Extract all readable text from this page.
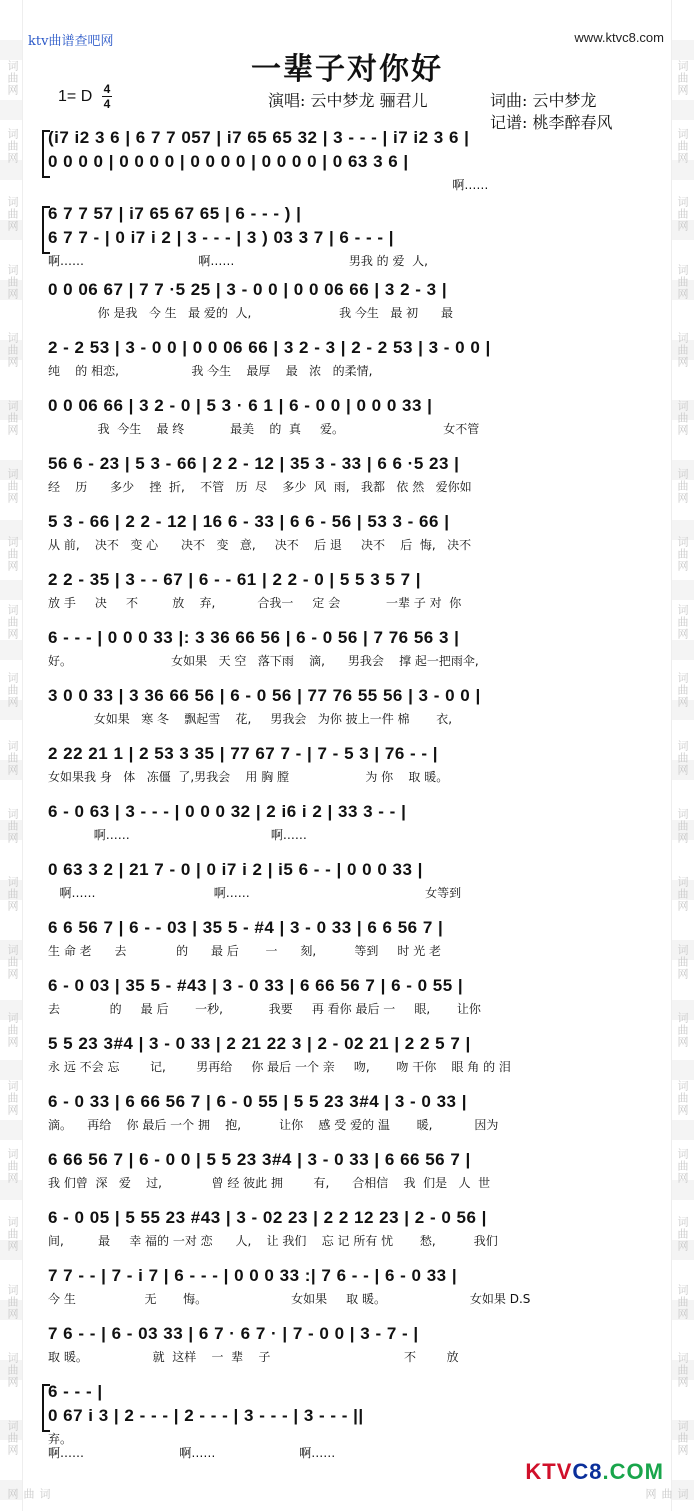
ktv曲谱查吧网	www.ktvc8.com
一辈子对你好
1= D 4
4	演唱: 云中梦龙 骊君儿	词曲: 云中梦龙
记谱: 桃李醉春风
(i7 i2 3 6 | 6 7 7 057 | i7 65 65 32 | 3 - - - | i7 i2 3 6 |
0 0 0 0 | 0 0 0 0 | 0 0 0 0 | 0 0 0 0 | 0 63 3 6 |
啊……
6 7 7 57 | i7 65 67 65 | 6 - - - ) |
6 7 7 - | 0 i7 i 2 | 3 - - - | 3 ) 03 3 7 | 6 - - - |
啊……                              啊……                              男我 的 爱  人,
0 0 06 67 | 7 7 ·5 25 | 3 - 0 0 | 0 0 06 66 | 3 2 - 3 |
你 是我   今 生   最 爱的  人,                       我 今生   最 初      最
2 - 2 53 | 3 - 0 0 | 0 0 06 66 | 3 2 - 3 | 2 - 2 53 | 3 - 0 0 |
纯    的 相恋,                   我 今生    最厚    最   浓   的柔情,
0 0 06 66 | 3 2 - 0 | 5 3 · 6 1 | 6 - 0 0 | 0 0 0 33 |
我  今生    最 终            最美    的  真     爱。                          女不管
56 6 - 23 | 5 3 - 66 | 2 2 - 12 | 35 3 - 33 | 6 6 ·5 23 |
经    历      多少    挫  折,    不管   历  尽    多少  风  雨,   我都   依 然   爱你如
5 3 - 66 | 2 2 - 12 | 16 6 - 33 | 6 6 - 56 | 53 3 - 66 |
从 前,    决不   变 心      决不   变   意,     决不    后 退     决不    后  悔,   决不
2 2 - 35 | 3 - - 67 | 6 - - 61 | 2 2 - 0 | 5 5 3 5 7 |
放 手     决     不         放    弃,           合我一     定 会            一辈 子 对  你
6 - - - | 0 0 0 33 |: 3 36 66 56 | 6 - 0 56 | 7 76 56 3 |
好。                          女如果   天 空   落下雨    滴,      男我会    撑 起一把雨伞,
3 0 0 33 | 3 36 66 56 | 6 - 0 56 | 77 76 55 56 | 3 - 0 0 |
女如果   寒 冬    飘起雪    花,     男我会   为你 披上一件 棉       衣,
2 22 21 1 | 2 53 3 35 | 77 67 7 - | 7 - 5 3 | 76 - - |
女如果我 身   体   冻僵  了,男我会    用 胸 膛                    为 你    取 暖。
6 - 0 63 | 3 - - - | 0 0 0 32 | 2 i6 i 2 | 33 3 - - |
啊……                                     啊……
0 63 3 2 | 21 7 - 0 | 0 i7 i 2 | i5 6 - - | 0 0 0 33 |
啊……                               啊……                                              女等到
6 6 56 7 | 6 - - 03 | 35 5 - #4 | 3 - 0 33 | 6 6 56 7 |
生 命 老      去             的      最 后       一      刻,          等到     时 光 老
6 - 0 03 | 35 5 - #43 | 3 - 0 33 | 6 66 56 7 | 6 - 0 55 |
去             的     最 后       一秒,            我要     再 看你 最后 一     眼,       让你
5 5 23 3#4 | 3 - 0 33 | 2 21 22 3 | 2 - 02 21 | 2 2 5 7 |
永 远 不会 忘        记,        男再给     你 最后 一个 亲     吻,       吻 干你    眼 角 的 泪
6 - 0 33 | 6 66 56 7 | 6 - 0 55 | 5 5 23 3#4 | 3 - 0 33 |
滴。    再给    你 最后 一个 拥    抱,          让你    感 受 爱的 温       暖,           因为
6 66 56 7 | 6 - 0 0 | 5 5 23 3#4 | 3 - 0 33 | 6 66 56 7 |
我 们曾  深   爱    过,             曾 经 彼此 拥        有,      合相信    我  们是   人  世
6 - 0 05 | 5 55 23 #43 | 3 - 02 23 | 2 2 12 23 | 2 - 0 56 |
间,         最     幸 福的 一对 恋      人,    让 我们    忘 记 所有 忧       愁,          我们
7 7 - - | 7 - i 7 | 6 - - - | 0 0 0 33 :| 7 6 - - | 6 - 0 33 |
今 生                  无       悔。                      女如果     取 暖。                      女如果 D.S
7 6 - - | 6 - 03 33 | 6 7 · 6 7 · | 7 - 0 0 | 3 - 7 - |
取 暖。                 就  这样    一  辈    子                                   不        放
6 - - - |
0 67 i 3 | 2 - - - | 2 - - - | 3 - - - | 3 - - - ||
弃。
啊……                         啊……                      啊……
KTVC8.COM
词曲网
词曲网
词曲网
词曲网
词曲网
词曲网
词曲网
词曲网
词曲网
词曲网
词曲网
词曲网
词曲网
词曲网
词曲网
词曲网
词曲网
词曲网
词曲网
词曲网
词曲网
词曲网
词曲网
词曲网
词曲网
词曲网
词曲网
词曲网
词曲网
词曲网
词曲网
词曲网
词曲网
词曲网
词曲网
词曲网
词曲网
词曲网
词曲网
词曲网
词曲网
词曲网
词曲网
词曲网
